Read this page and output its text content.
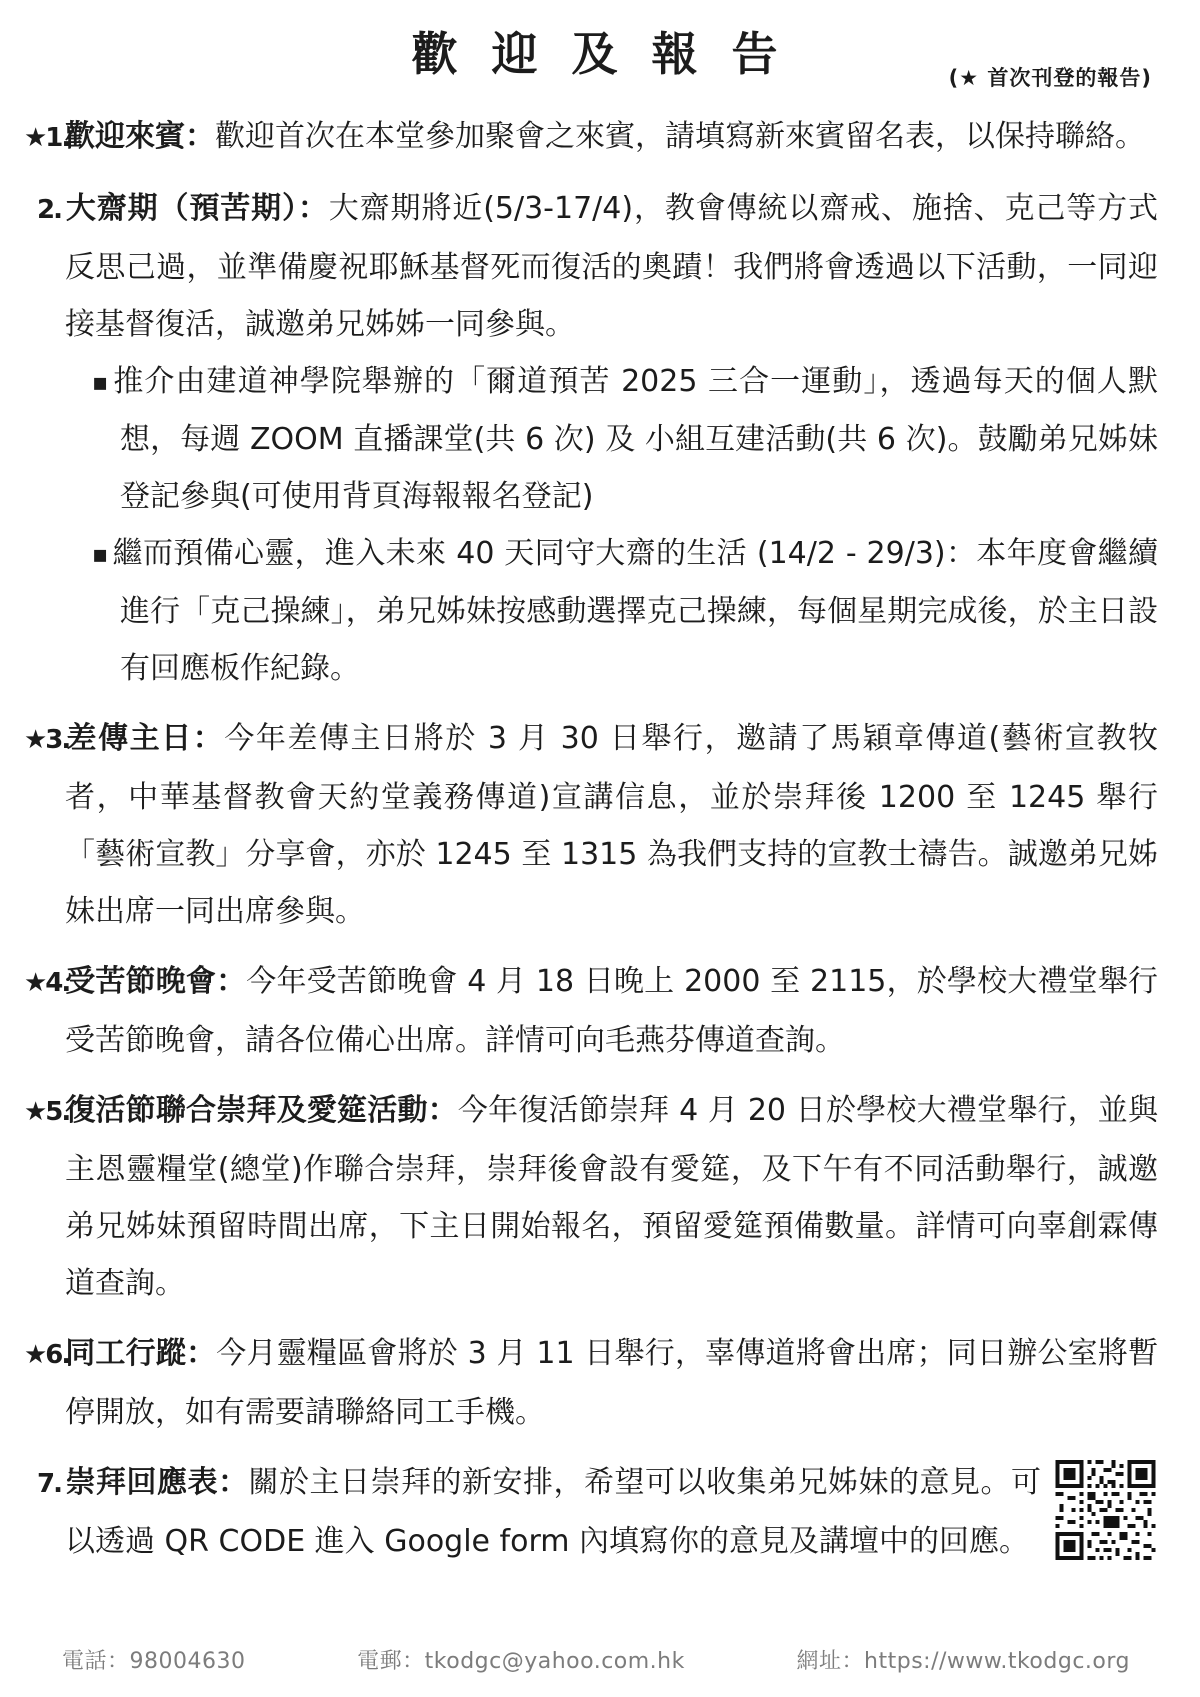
歡迎及報告	(★ 首次刊登的報告)

★1.歡迎來賓：歡迎首次在本堂參加聚會之來賓，請填寫新來賓留名表，以保持聯絡。

2. 大齋期（預苦期）：大齋期將近(5/3-17/4)，教會傳統以齋戒、施捨、克己等方式反思己過，並準備慶祝耶穌基督死而復活的奧蹟！我們將會透過以下活動，一同迎接基督復活，誠邀弟兄姊姊一同參與。

▪ 推介由建道神學院舉辦的「爾道預苦 2025 三合一運動」，透過每天的個人默想，每週 ZOOM 直播課堂(共 6 次) 及 小組互建活動(共 6 次)。鼓勵弟兄姊妹登記參與(可使用背頁海報報名登記)

▪ 繼而預備心靈，進入未來 40 天同守大齋的生活 (14/2 - 29/3)：本年度會繼續進行「克己操練」，弟兄姊妹按感動選擇克己操練，每個星期完成後，於主日設有回應板作紀錄。

★3.差傳主日：今年差傳主日將於 3 月 30 日舉行，邀請了馬穎章傳道(藝術宣教牧者，中華基督教會天約堂義務傳道)宣講信息，並於崇拜後 1200 至 1245 舉行「藝術宣教」分享會，亦於 1245 至 1315 為我們支持的宣教士禱告。誠邀弟兄姊妹出席一同出席參與。

★4.受苦節晚會：今年受苦節晚會 4 月 18 日晚上 2000 至 2115，於學校大禮堂舉行受苦節晚會，請各位備心出席。詳情可向毛燕芬傳道查詢。

★5.復活節聯合崇拜及愛筵活動：今年復活節崇拜 4 月 20 日於學校大禮堂舉行，並與主恩靈糧堂(總堂)作聯合崇拜，崇拜後會設有愛筵，及下午有不同活動舉行，誠邀弟兄姊妹預留時間出席，下主日開始報名，預留愛筵預備數量。詳情可向辜創霖傳道查詢。

★6.同工行蹤：今月靈糧區會將於 3 月 11 日舉行，辜傳道將會出席；同日辦公室將暫停開放，如有需要請聯絡同工手機。

7. 崇拜回應表：關於主日崇拜的新安排，希望可以收集弟兄姊妹的意見。可以透過 QR CODE 進入 Google form 內填寫你的意見及講壇中的回應。

電話：98004630	電郵：tkodgc@yahoo.com.hk	網址：https://www.tkodgc.org
